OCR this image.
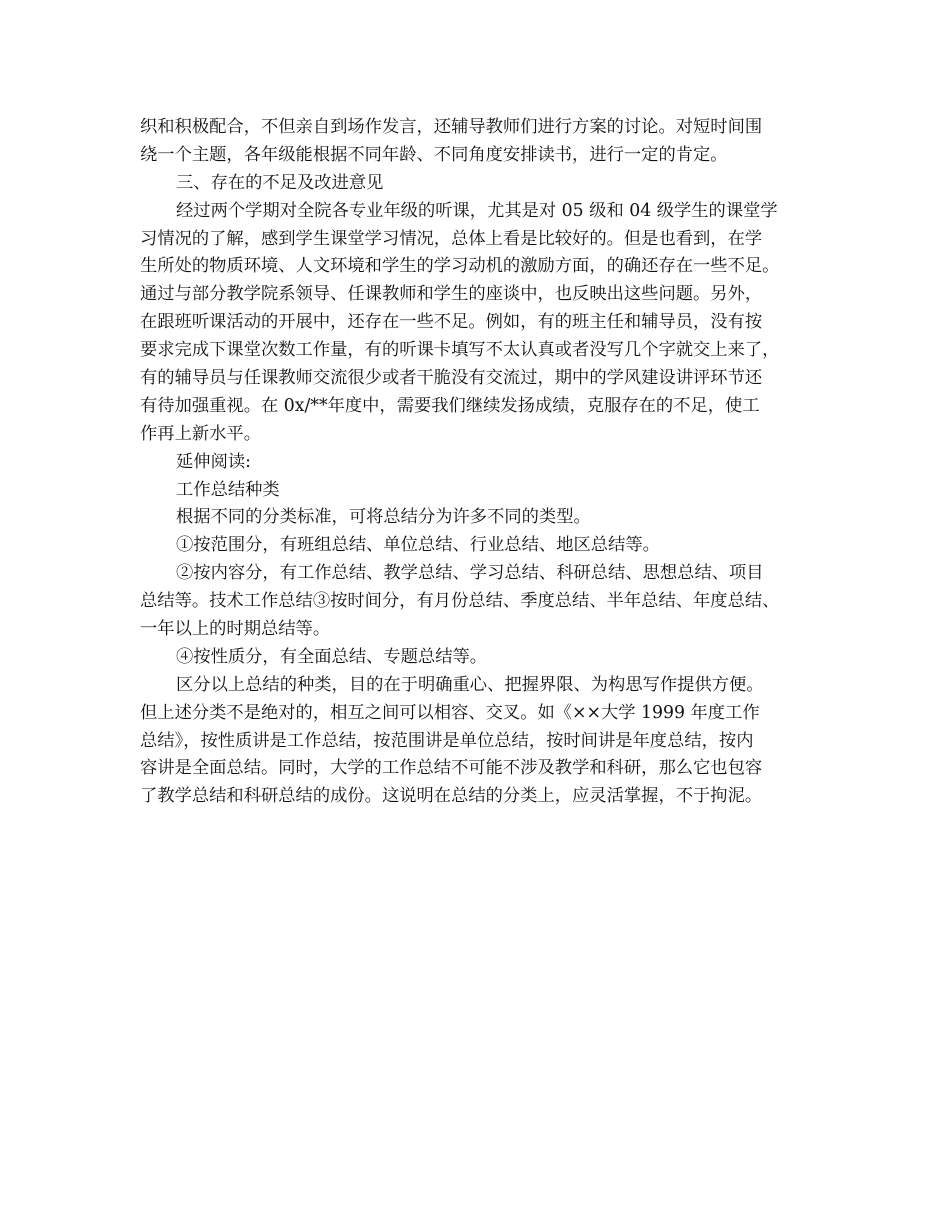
织和积极配合，不但亲自到场作发言，还辅导教师们进行方案的讨论。对短时间围
绕一个主题，各年级能根据不同年龄、不同角度安排读书，进行一定的肯定。
三、存在的不足及改进意见
经过两个学期对全院各专业年级的听课，尤其是对 05 级和 04 级学生的课堂学
习情况的了解，感到学生课堂学习情况，总体上看是比较好的。但是也看到，在学
生所处的物质环境、人文环境和学生的学习动机的激励方面，的确还存在一些不足。
通过与部分教学院系领导、任课教师和学生的座谈中，也反映出这些问题。另外，
在跟班听课活动的开展中，还存在一些不足。例如，有的班主任和辅导员，没有按
要求完成下课堂次数工作量，有的听课卡填写不太认真或者没写几个字就交上来了，
有的辅导员与任课教师交流很少或者干脆没有交流过，期中的学风建设讲评环节还
有待加强重视。在 0x/**年度中，需要我们继续发扬成绩，克服存在的不足，使工
作再上新水平。
延伸阅读:
工作总结种类
根据不同的分类标准，可将总结分为许多不同的类型。
①按范围分，有班组总结、单位总结、行业总结、地区总结等。
②按内容分，有工作总结、教学总结、学习总结、科研总结、思想总结、项目
总结等。技术工作总结③按时间分，有月份总结、季度总结、半年总结、年度总结、
一年以上的时期总结等。
④按性质分，有全面总结、专题总结等。
区分以上总结的种类，目的在于明确重心、把握界限、为构思写作提供方便。
但上述分类不是绝对的，相互之间可以相容、交叉。如《××大学 1999 年度工作
总结》，按性质讲是工作总结，按范围讲是单位总结，按时间讲是年度总结，按内
容讲是全面总结。同时，大学的工作总结不可能不涉及教学和科研，那么它也包容
了教学总结和科研总结的成份。这说明在总结的分类上，应灵活掌握，不于拘泥。
